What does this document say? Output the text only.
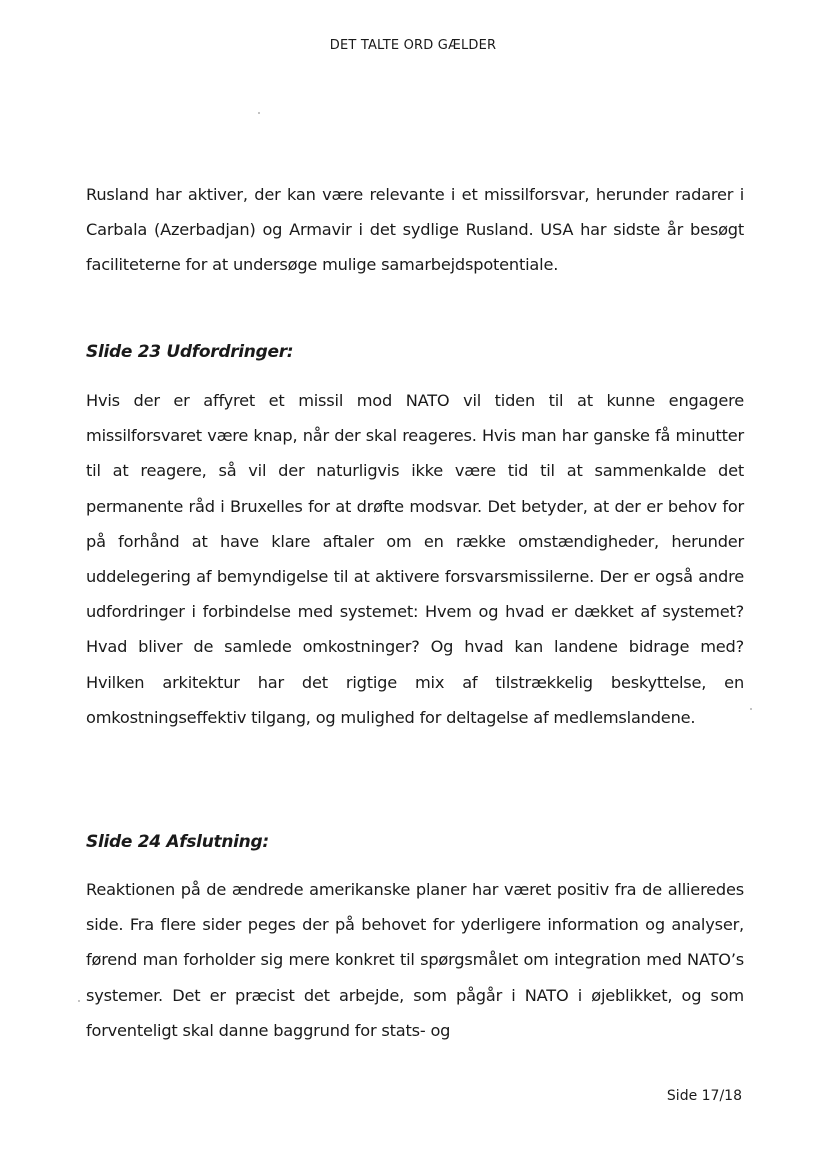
DET TALTE ORD GÆLDER

Rusland har aktiver, der kan være relevante i et missilforsvar, herunder radarer i Carbala (Azerbadjan) og Armavir i det sydlige Rusland. USA har sidste år besøgt faciliteterne for at undersøge mulige samarbejdspotentiale.

Slide 23 Udfordringer:

Hvis der er affyret et missil mod NATO vil tiden til at kunne engagere missilforsvaret være knap, når der skal reageres. Hvis man har ganske få minutter til at reagere, så vil der naturligvis ikke være tid til at sammenkalde det permanente råd i Bruxelles for at drøfte modsvar. Det betyder, at der er behov for på forhånd at have klare aftaler om en række omstændigheder, herunder uddelegering af bemyndigelse til at aktivere forsvarsmissilerne. Der er også andre udfordringer i forbindelse med systemet: Hvem og hvad er dækket af systemet? Hvad bliver de samlede omkostninger? Og hvad kan landene bidrage med? Hvilken arkitektur har det rigtige mix af tilstrækkelig beskyttelse, en omkostningseffektiv tilgang, og mulighed for deltagelse af medlemslandene.

Slide 24 Afslutning:

Reaktionen på de ændrede amerikanske planer har været positiv fra de allieredes side. Fra flere sider peges der på behovet for yderligere information og analyser, førend man forholder sig mere konkret til spørgsmålet om integration med NATO’s systemer. Det er præcist det arbejde, som pågår i NATO i øjeblikket, og som forventeligt skal danne baggrund for stats- og

Side 17/18
